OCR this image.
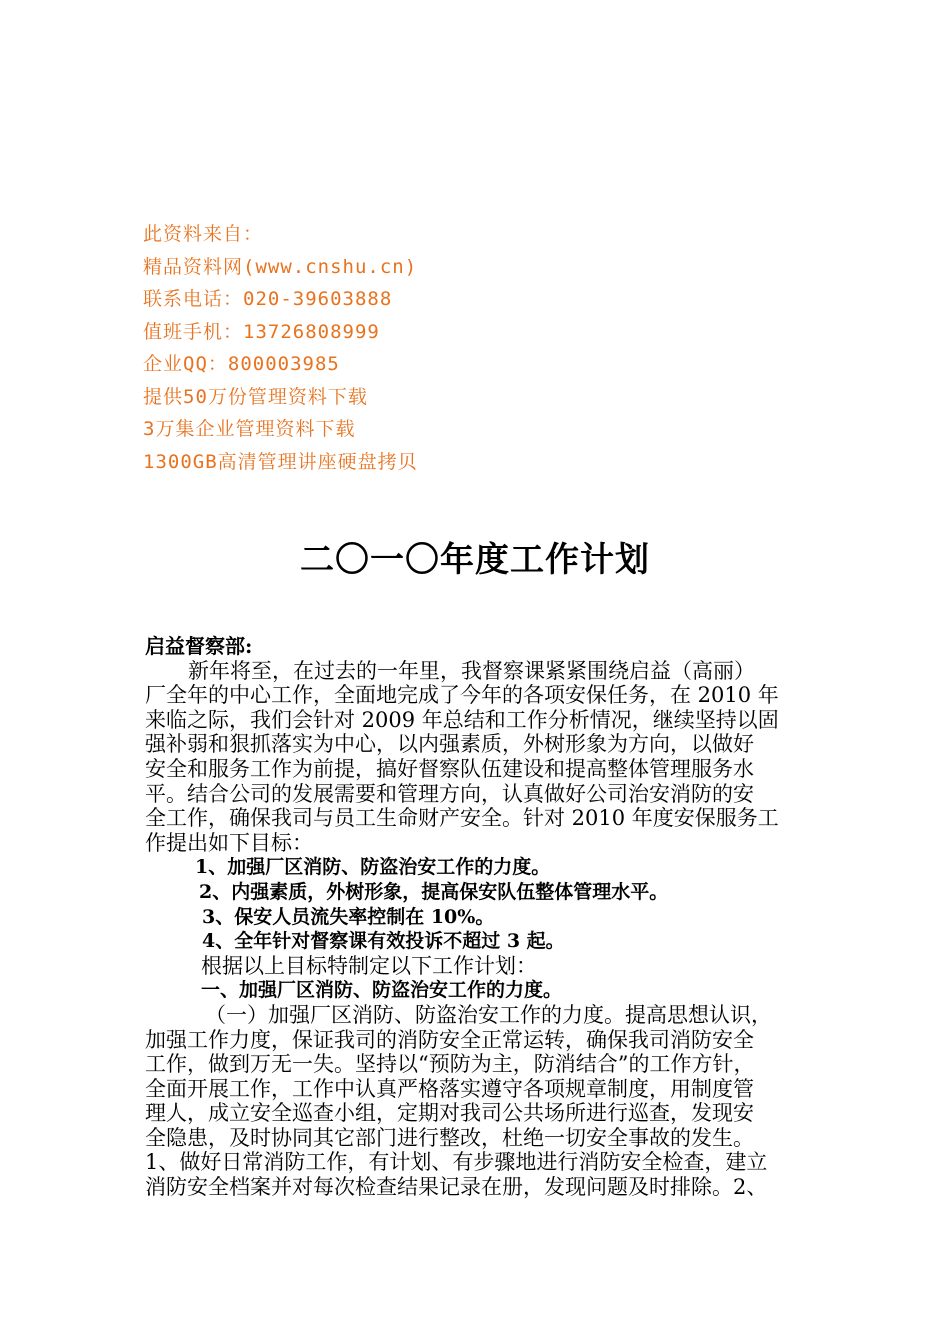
此资料来自：
精品资料网(www.cnshu.cn)
联系电话：020-39603888
值班手机：13726808999
企业QQ：800003985
提供50万份管理资料下载
3万集企业管理资料下载
1300GB高清管理讲座硬盘拷贝
二〇一〇年度工作计划
启益督察部:
新年将至，在过去的一年里，我督察课紧紧围绕启益（高丽）
厂全年的中心工作，全面地完成了今年的各项安保任务，在 2010 年
来临之际，我们会针对 2009 年总结和工作分析情况，继续坚持以固
强补弱和狠抓落实为中心，以内强素质，外树形象为方向，以做好
安全和服务工作为前提，搞好督察队伍建设和提高整体管理服务水
平。结合公司的发展需要和管理方向，认真做好公司治安消防的安
全工作，确保我司与员工生命财产安全。针对 2010 年度安保服务工
作提出如下目标：
1、加强厂区消防、防盗治安工作的力度。
2、内强素质，外树形象，提高保安队伍整体管理水平。
3、保安人员流失率控制在 10%。
4、全年针对督察课有效投诉不超过 3 起。
根据以上目标特制定以下工作计划：
一、加强厂区消防、防盗治安工作的力度。
（一）加强厂区消防、防盗治安工作的力度。提高思想认识，
加强工作力度，保证我司的消防安全正常运转，确保我司消防安全
工作，做到万无一失。坚持以“预防为主，防消结合”的工作方针，
全面开展工作，工作中认真严格落实遵守各项规章制度，用制度管
理人，成立安全巡查小组，定期对我司公共场所进行巡查，发现安
全隐患，及时协同其它部门进行整改，杜绝一切安全事故的发生。
1、做好日常消防工作，有计划、有步骤地进行消防安全检查，建立
消防安全档案并对每次检查结果记录在册，发现问题及时排除。2、
